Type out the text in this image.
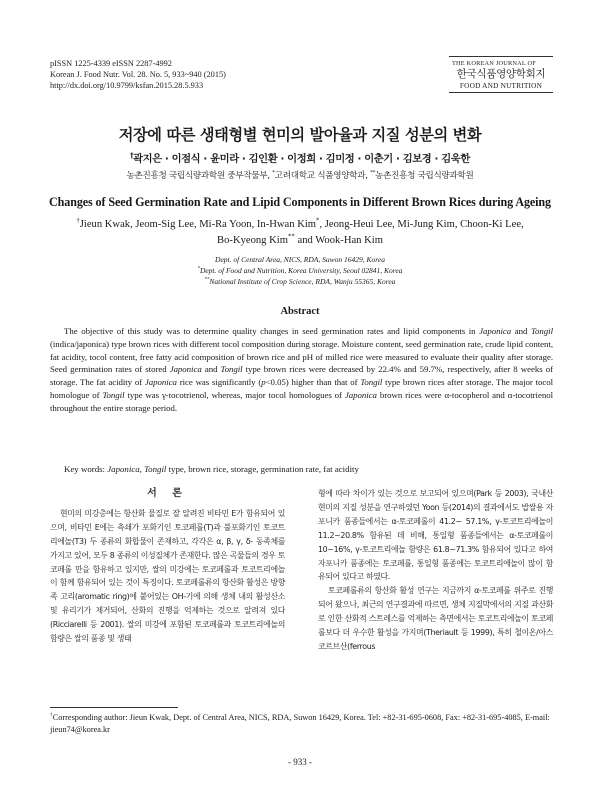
pISSN 1225-4339 eISSN 2287-4992
Korean J. Food Nutr. Vol. 28. No. 5, 933~940 (2015)
http://dx.doi.org/10.9799/ksfan.2015.28.5.933
THE KOREAN JOURNAL OF
한국식품영양학회지
FOOD AND NUTRITION
저장에 따른 생태형별 현미의 발아율과 지질 성분의 변화
†곽지은 · 이점식 · 윤미라 · 김인환 · 이정희 · 김미정 · 이춘기 · 김보경 · 김욱한
농촌진흥청 국립식량과학원 중부작물부, *고려대학교 식품영양학과, **농촌진흥청 국립식량과학원
Changes of Seed Germination Rate and Lipid Components in Different Brown Rices during Ageing
†Jieun Kwak, Jeom-Sig Lee, Mi-Ra Yoon, In-Hwan Kim*, Jeong-Heui Lee, Mi-Jung Kim, Choon-Ki Lee,
Bo-Kyeong Kim** and Wook-Han Kim
Dept. of Central Area, NICS, RDA, Suwon 16429, Korea
*Dept. of Food and Nutrition, Korea University, Seoul 02841, Korea
**National Institute of Crop Science, RDA, Wanju 55365, Korea
Abstract

The objective of this study was to determine quality changes in seed germination rates and lipid components in Japonica and Tongil (indica/japonica) type brown rices with different tocol composition during storage. Moisture content, seed germination rate, crude lipid content, fat acidity, tocol content, free fatty acid composition of brown rice and pH of milled rice were measured to evaluate their quality after storage. Seed germination rates of stored Japonica and Tongil type brown rices were decreased by 22.4% and 59.7%, respectively, after 8 weeks of storage. The fat acidity of Japonica rice was significantly (p<0.05) higher than that of Tongil type brown rices after storage. The major tocol homologue of Tongil type was γ-tocotrienol, whereas, major tocol homologues of Japonica brown rices were α-tocopherol and α-tocotrienol throughout the entire storage period.

Key words: Japonica, Tongil type, brown rice, storage, germination rate, fat acidity
서 론

현미의 미강층에는 항산화 물질로 잘 알려진 비타민 E가 함유되어 있으며, 비타민 E에는 측쇄가 포화기인 토코페롤(T)과 불포화기인 토코트리에놀(T3) 두 종류의 화합물이 존재하고, 각각은 α, β, γ, δ- 동족체를 가지고 있어, 모두 8 종류의 이성질체가 존재한다. 많은 곡물들의 경우 토코페롤 만을 함유하고 있지만, 쌀의 미강에는 토코페롤과 토코트리에놀이 함께 함유되어 있는 것이 특징이다. 토코페롤류의 항산화 활성은 방향족 고리(aromatic ring)에 붙어있는 OH-기에 의해 생체 내의 활성산소 및 유리기가 제거되어, 산화의 진행을 억제하는 것으로 알려져 있다(Ricciarelli 등 2001). 쌀의 미강에 포함된 토코페롤과 토코트리에놀의 함량은 쌀의 품종 및 생태

형에 따라 차이가 있는 것으로 보고되어 있으며(Park 등 2003), 국내산 현미의 지질 성분을 연구하였던 Yoon 등(2014)의 결과에서도 밥쌀용 자포니카 품종들에서는 α-토코페롤이 41.2~ 57.1%, γ-토코트리에놀이 11.2~20.8% 함유된 데 비해, 통일형 품종들에서는 α-토코페롤이 10~16%, γ-토코트리에놀 함량은 61.8~71.3% 함유되어 있다고 하여 자포니카 품종에는 토코페롤, 통일형 품종에는 토코트리에놀이 많이 함유되어 있다고 하였다.

토코페롤류의 항산화 활성 연구는 지금까지 α-토코페롤 위주로 진행되어 왔으나, 최근의 연구결과에 따르면, 생체 지질막에서의 지질 과산화로 인한 산화적 스트레스를 억제하는 측면에서는 토코트리에놀이 토코페롤보다 더 우수한 활성을 가지며(Theriault 등 1999), 특히 철이온/아스코르브산(ferrous

†Corresponding author: Jieun Kwak, Dept. of Central Area, NICS, RDA, Suwon 16429, Korea. Tel: +82-31-695-0608, Fax: +82-31-695-4085, E-mail: jieun74@korea.kr
- 933 -
